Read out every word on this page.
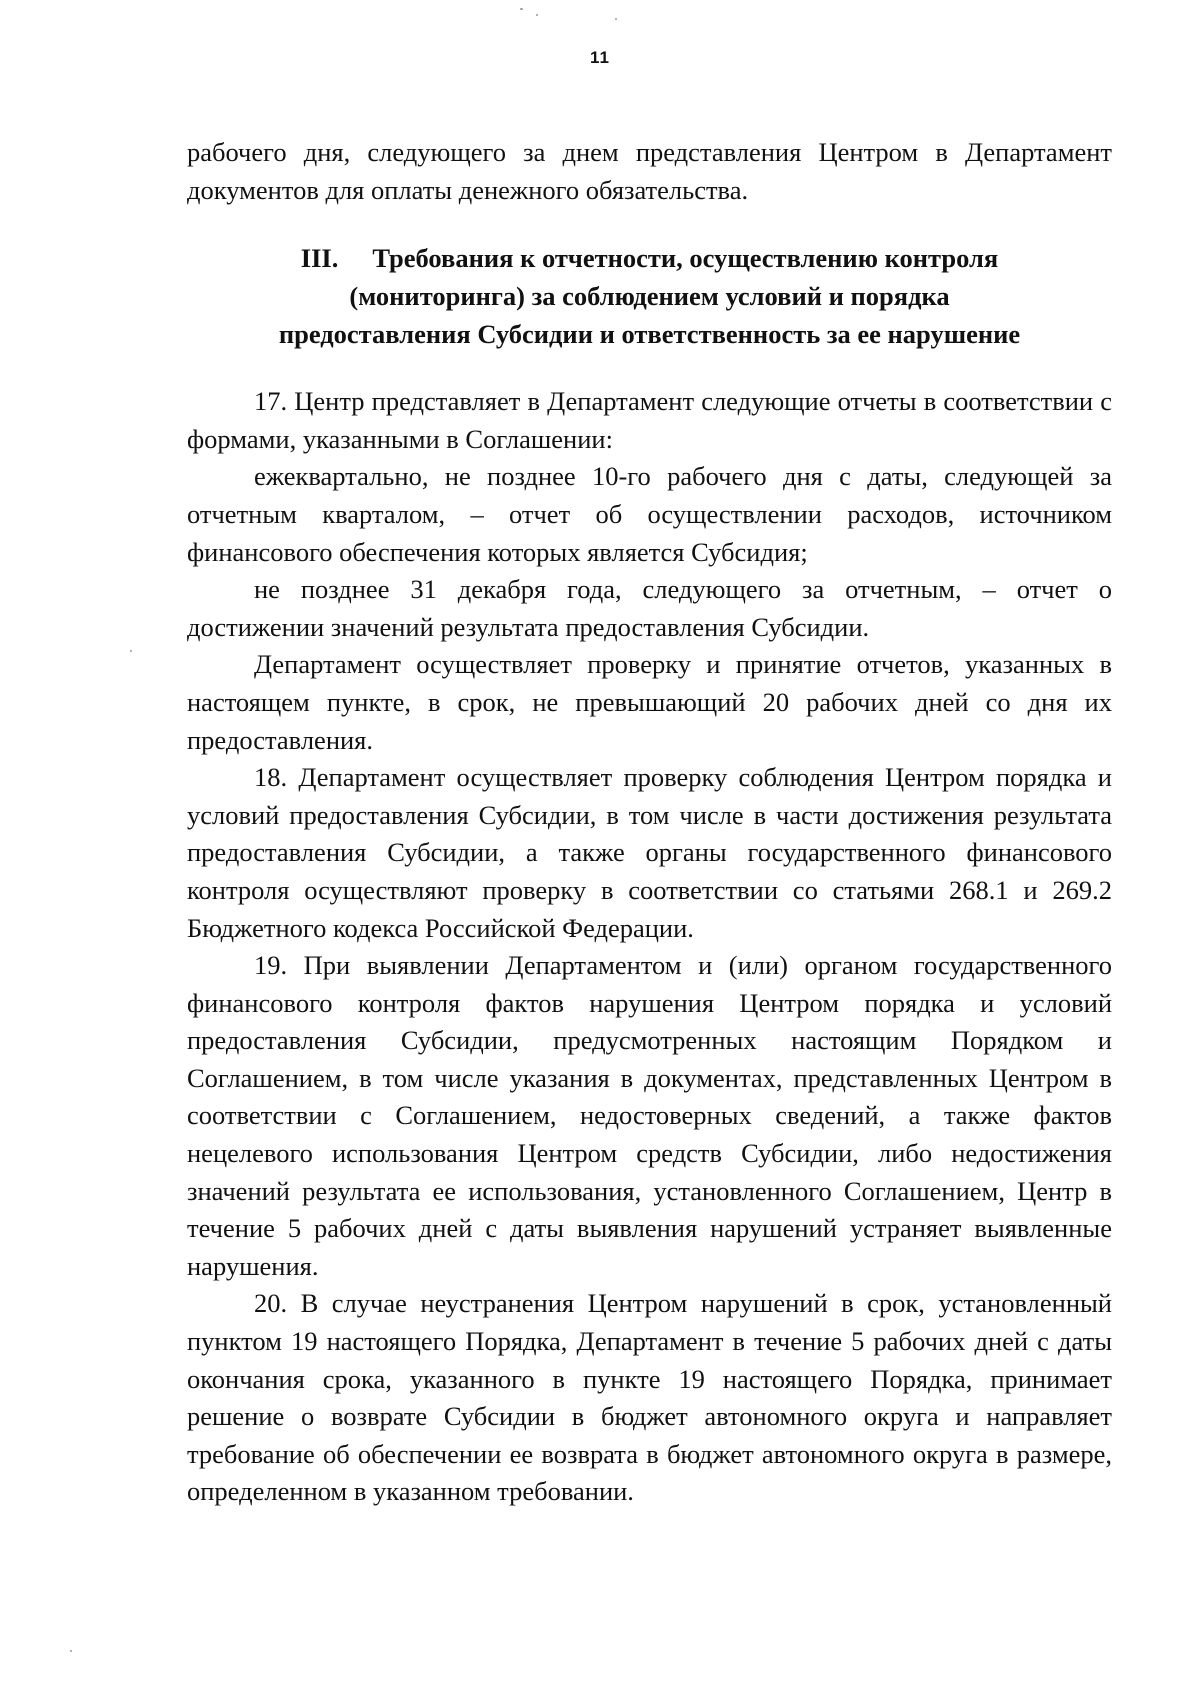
11

рабочего дня, следующего за днем представления Центром в Департамент документов для оплаты денежного обязательства.

III. Требования к отчетности, осуществлению контроля
(мониторинга) за соблюдением условий и порядка
предоставления Субсидии и ответственность за ее нарушение

17. Центр представляет в Департамент следующие отчеты в соответствии с формами, указанными в Соглашении:

ежеквартально, не позднее 10-го рабочего дня с даты, следующей за отчетным кварталом, – отчет об осуществлении расходов, источником финансового обеспечения которых является Субсидия;

не позднее 31 декабря года, следующего за отчетным, – отчет о достижении значений результата предоставления Субсидии.

Департамент осуществляет проверку и принятие отчетов, указанных в настоящем пункте, в срок, не превышающий 20 рабочих дней со дня их предоставления.

18. Департамент осуществляет проверку соблюдения Центром порядка и условий предоставления Субсидии, в том числе в части достижения результата предоставления Субсидии, а также органы государственного финансового контроля осуществляют проверку в соответствии со статьями 268.1 и 269.2 Бюджетного кодекса Российской Федерации.

19. При выявлении Департаментом и (или) органом государственного финансового контроля фактов нарушения Центром порядка и условий предоставления Субсидии, предусмотренных настоящим Порядком и Соглашением, в том числе указания в документах, представленных Центром в соответствии с Соглашением, недостоверных сведений, а также фактов нецелевого использования Центром средств Субсидии, либо недостижения значений результата ее использования, установленного Соглашением, Центр в течение 5 рабочих дней с даты выявления нарушений устраняет выявленные нарушения.

20. В случае неустранения Центром нарушений в срок, установленный пунктом 19 настоящего Порядка, Департамент в течение 5 рабочих дней с даты окончания срока, указанного в пункте 19 настоящего Порядка, принимает решение о возврате Субсидии в бюджет автономного округа и направляет требование об обеспечении ее возврата в бюджет автономного округа в размере, определенном в указанном требовании.
